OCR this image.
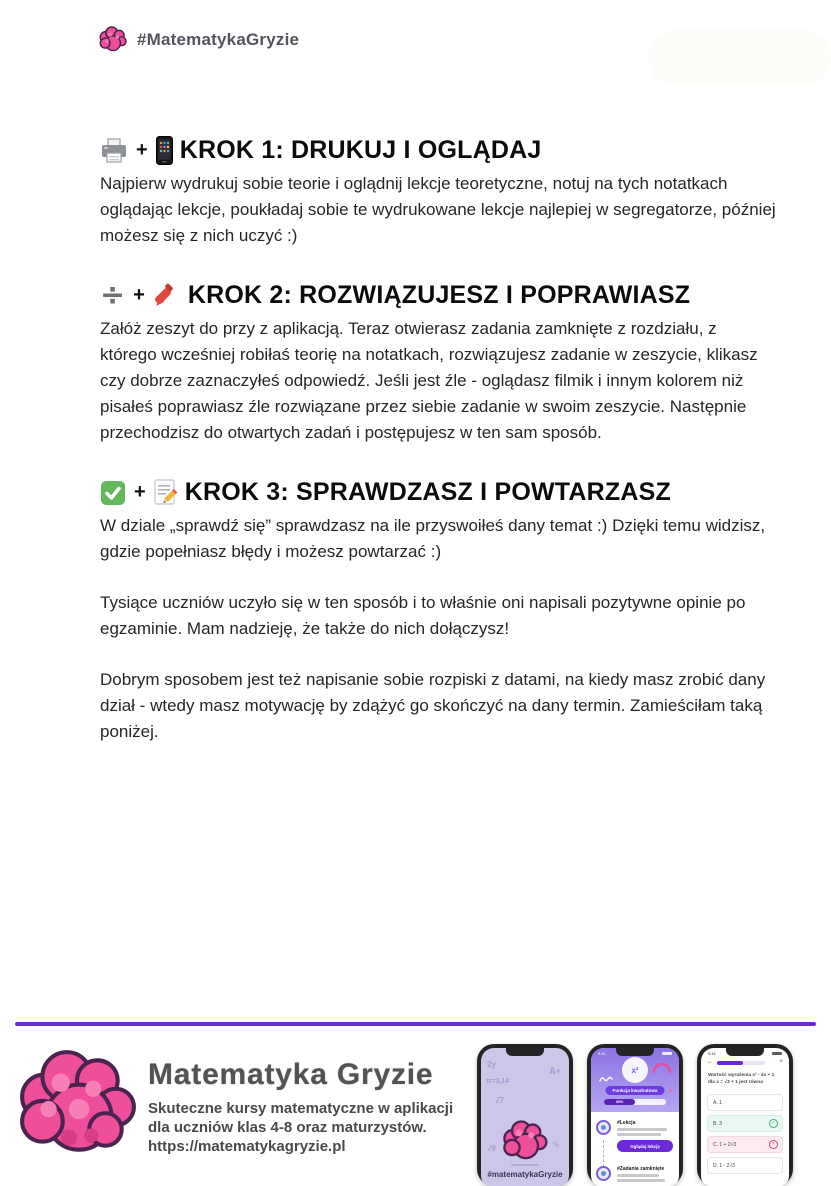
#MatematykaGryzie
+ KROK 1: DRUKUJ I OGLĄDAJ

Najpierw wydrukuj sobie teorie i oglądnij lekcje teoretyczne, notuj na tych notatkach oglądając lekcje, poukładaj sobie te wydrukowane lekcje najlepiej w segregatorze, później możesz się z nich uczyć :)

÷ + KROK 2: ROZWIĄZUJESZ I POPRAWIASZ

Załóż zeszyt do przy z aplikacją. Teraz otwierasz zadania zamknięte z rozdziału, z którego wcześniej robiłaś teorię na notatkach, rozwiązujesz zadanie w zeszycie, klikasz czy dobrze zaznaczyłeś odpowiedź. Jeśli jest źle - oglądasz filmik i innym kolorem niż pisałeś poprawiasz źle rozwiązane przez siebie zadanie w swoim zeszycie. Następnie przechodzisz do otwartych zadań i postępujesz w ten sam sposób.

+ KROK 3: SPRAWDZASZ I POWTARZASZ

W dziale „sprawdź się” sprawdzasz na ile przyswoiłeś dany temat :) Dzięki temu widzisz, gdzie popełniasz błędy i możesz powtarzać :)

Tysiące uczniów uczyło się w ten sposób i to właśnie oni napisali pozytywne opinie po egzaminie. Mam nadzieję, że także do nich dołączysz!

Dobrym sposobem jest też napisanie sobie rozpiski z datami, na kiedy masz zrobić dany dział - wtedy masz motywację by zdążyć go skończyć na dany termin. Zamieściłam taką poniżej.

Matematyka Gryzie
Skuteczne kursy matematyczne w aplikacji
dla uczniów klas 4-8 oraz maturzystów.
https://matematykagryzie.pl
2y
A+
π=3,14
√7
½
√9
#matematykaGryzie
9:41
x²
Funkcja kwadratowa	+
30%
#Lekcja
Oglądaj lekcję
#Zadania zamknięte
9:41
←	×
Wartość wyrażenia x² - 4x + 1
dla x = √3 + 1 jest równa
A. 1
B. 3	✓
C. 1 + 2√3	×
D. 1 - 2√3
